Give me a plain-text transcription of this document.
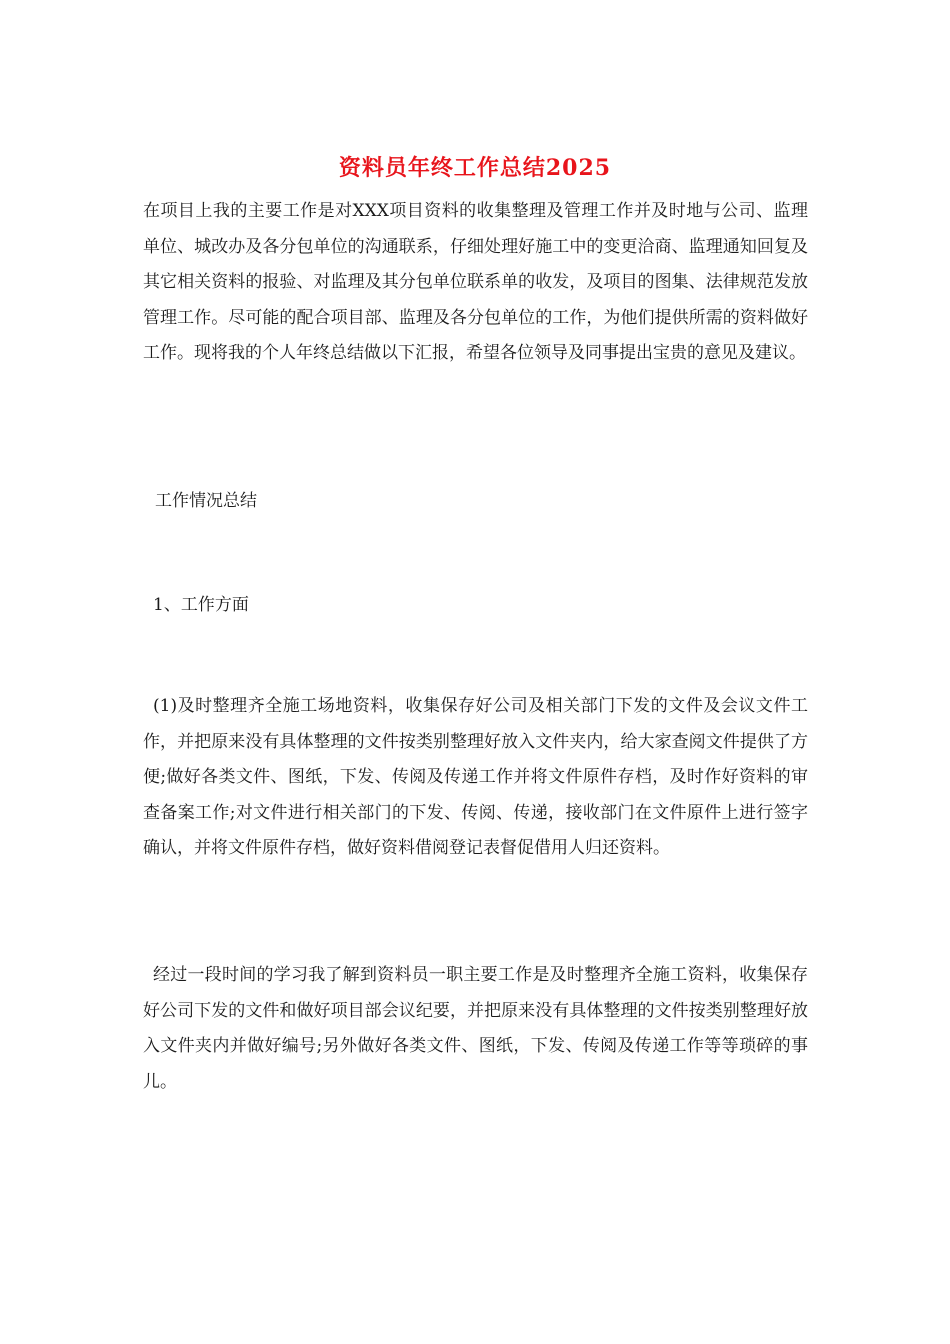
资料员年终工作总结2025
在项目上我的主要工作是对XXX项目资料的收集整理及管理工作并及时地与公司、监理单位、城改办及各分包单位的沟通联系，仔细处理好施工中的变更洽商、监理通知回复及其它相关资料的报验、对监理及其分包单位联系单的收发，及项目的图集、法律规范发放管理工作。尽可能的配合项目部、监理及各分包单位的工作，为他们提供所需的资料做好工作。现将我的个人年终总结做以下汇报，希望各位领导及同事提出宝贵的意见及建议。
工作情况总结
1、工作方面
(1)及时整理齐全施工场地资料，收集保存好公司及相关部门下发的文件及会议文件工作，并把原来没有具体整理的文件按类别整理好放入文件夹内，给大家查阅文件提供了方便;做好各类文件、图纸，下发、传阅及传递工作并将文件原件存档，及时作好资料的审查备案工作;对文件进行相关部门的下发、传阅、传递，接收部门在文件原件上进行签字确认，并将文件原件存档，做好资料借阅登记表督促借用人归还资料。
经过一段时间的学习我了解到资料员一职主要工作是及时整理齐全施工资料，收集保存好公司下发的文件和做好项目部会议纪要，并把原来没有具体整理的文件按类别整理好放入文件夹内并做好编号;另外做好各类文件、图纸，下发、传阅及传递工作等等琐碎的事儿。
